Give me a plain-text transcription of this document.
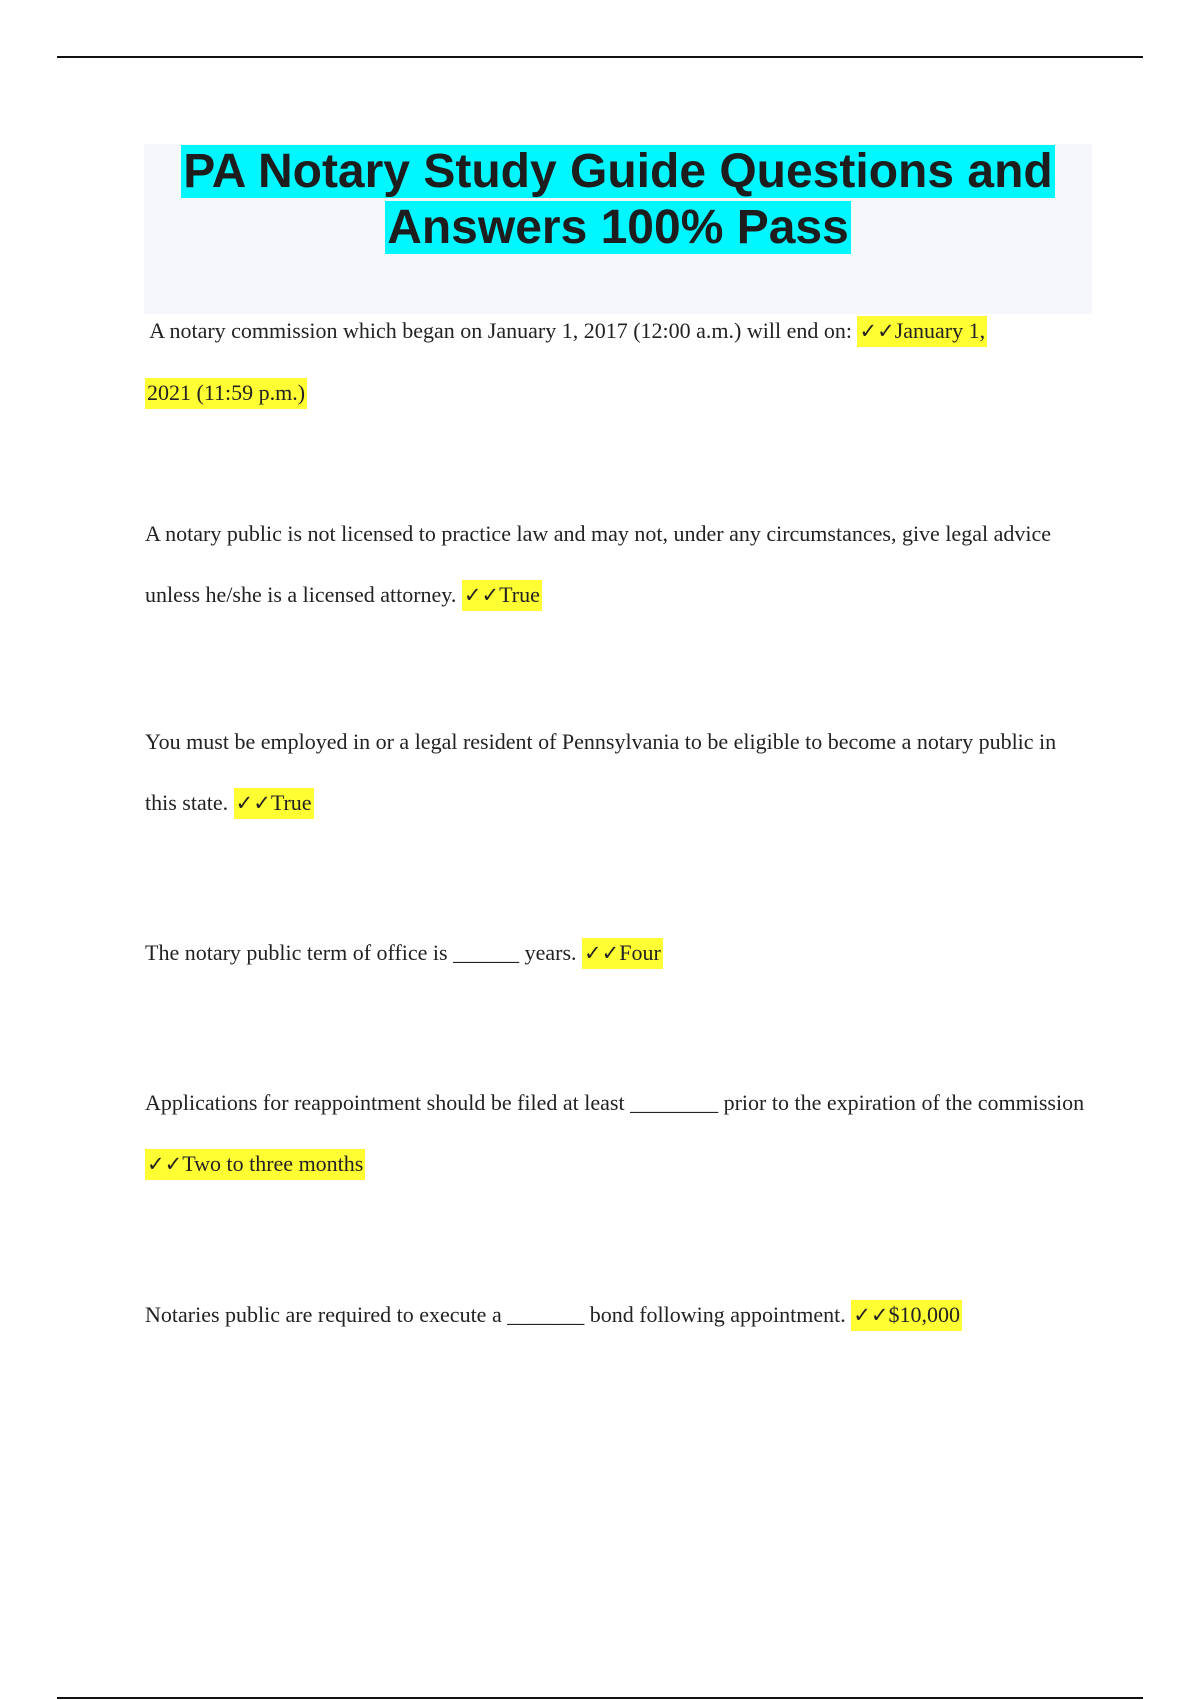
PA Notary Study Guide Questions and
Answers 100% Pass

A notary commission which began on January 1, 2017 (12:00 a.m.) will end on: ✓✓January 1,
2021 (11:59 p.m.)

A notary public is not licensed to practice law and may not, under any circumstances, give legal advice unless he/she is a licensed attorney. ✓✓True

You must be employed in or a legal resident of Pennsylvania to be eligible to become a notary public in this state. ✓✓True

The notary public term of office is ______ years. ✓✓Four

Applications for reappointment should be filed at least ________ prior to the expiration of the commission ✓✓Two to three months

Notaries public are required to execute a _______ bond following appointment. ✓✓$10,000
